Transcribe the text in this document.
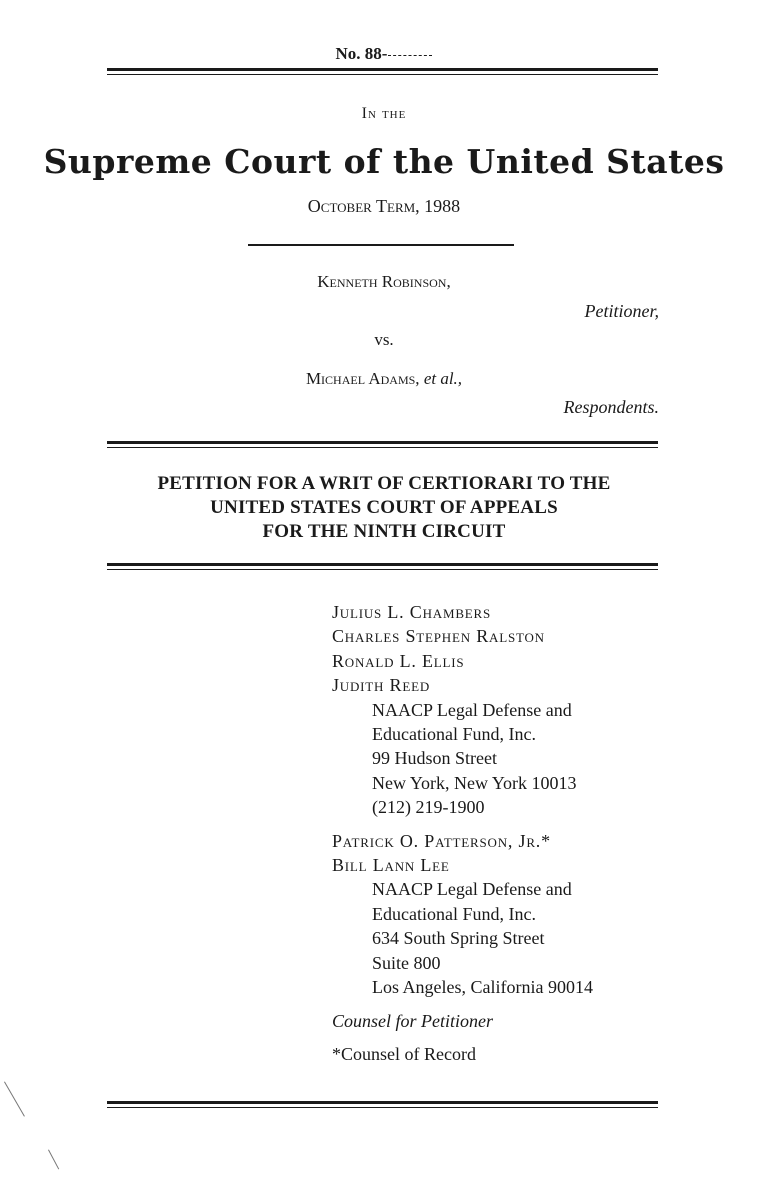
No. 88-
In the
Supreme Court of the United States
October Term, 1988
Kenneth Robinson,
Petitioner,
vs.
Michael Adams, et al.,
Respondents.
PETITION FOR A WRIT OF CERTIORARI TO THE
UNITED STATES COURT OF APPEALS
FOR THE NINTH CIRCUIT
Julius L. Chambers
Charles Stephen Ralston
Ronald L. Ellis
Judith Reed
NAACP Legal Defense and
Educational Fund, Inc.
99 Hudson Street
New York, New York 10013
(212) 219-1900
Patrick O. Patterson, Jr.*
Bill Lann Lee
NAACP Legal Defense and
Educational Fund, Inc.
634 South Spring Street
Suite 800
Los Angeles, California 90014
Counsel for Petitioner
*Counsel of Record
